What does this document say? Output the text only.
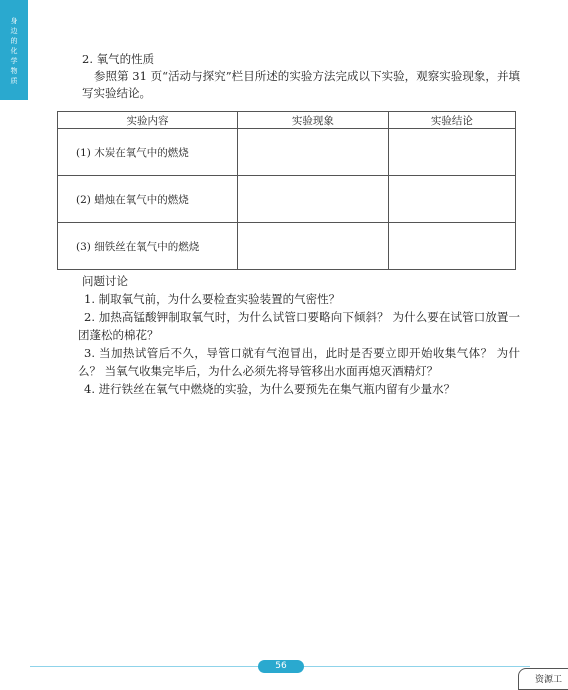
身
边
的
化
学
物
质
2. 氧气的性质
参照第 31 页“活动与探究”栏目所述的实验方法完成以下实验，观察实验现象，并填写实验结论。
实验内容	实验现象	实验结论
(1) 木炭在氧气中的燃烧		
(2) 蜡烛在氧气中的燃烧		
(3) 细铁丝在氧气中的燃烧		
问题讨论

1. 制取氧气前，为什么要检查实验装置的气密性？

2. 加热高锰酸钾制取氧气时，为什么试管口要略向下倾斜？ 为什么要在试管口放置一团蓬松的棉花？

3. 当加热试管后不久，导管口就有气泡冒出，此时是否要立即开始收集气体？ 为什么？ 当氧气收集完毕后，为什么必须先将导管移出水面再熄灭酒精灯？

4. 进行铁丝在氧气中燃烧的实验，为什么要预先在集气瓶内留有少量水？

56
资源工
